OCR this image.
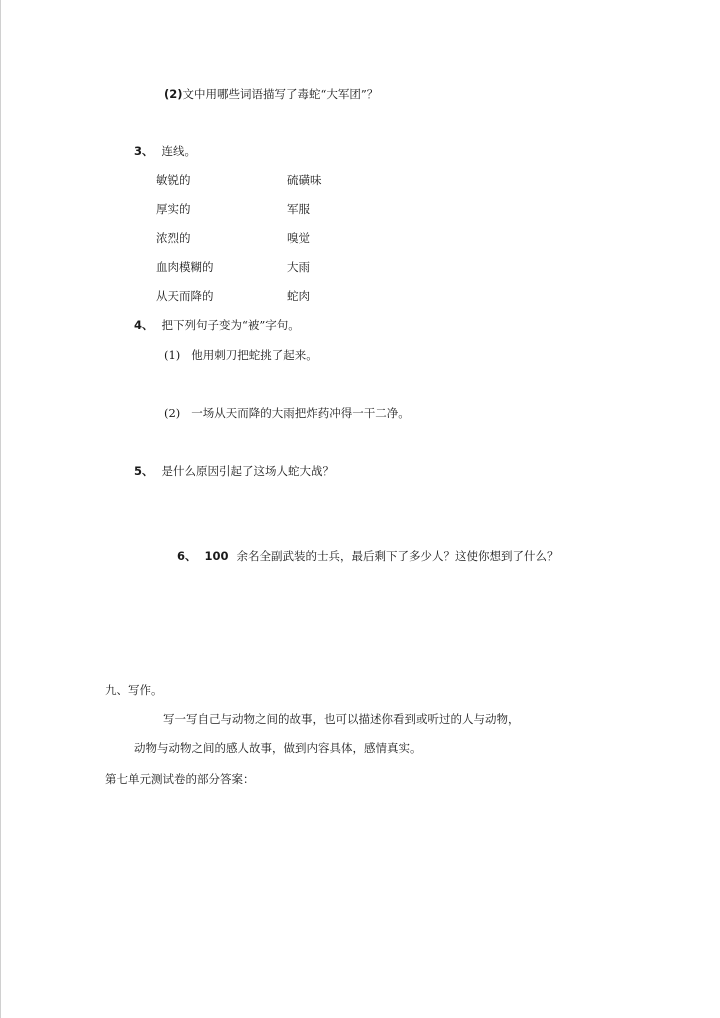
(2)文中用哪些词语描写了毒蛇“大军团”？
3、 连线。
敏锐的	硫磺味
厚实的	军服
浓烈的	嗅觉
血肉模糊的	大雨
从天而降的	蛇肉
4、 把下列句子变为“被”字句。
(1) 他用刺刀把蛇挑了起来。
(2) 一场从天而降的大雨把炸药冲得一干二净。
5、 是什么原因引起了这场人蛇大战？
6、 100 余名全副武装的士兵，最后剩下了多少人？这使你想到了什么？
九、写作。
写一写自己与动物之间的故事，也可以描述你看到或听过的人与动物，
动物与动物之间的感人故事，做到内容具体，感情真实。
第七单元测试卷的部分答案：
